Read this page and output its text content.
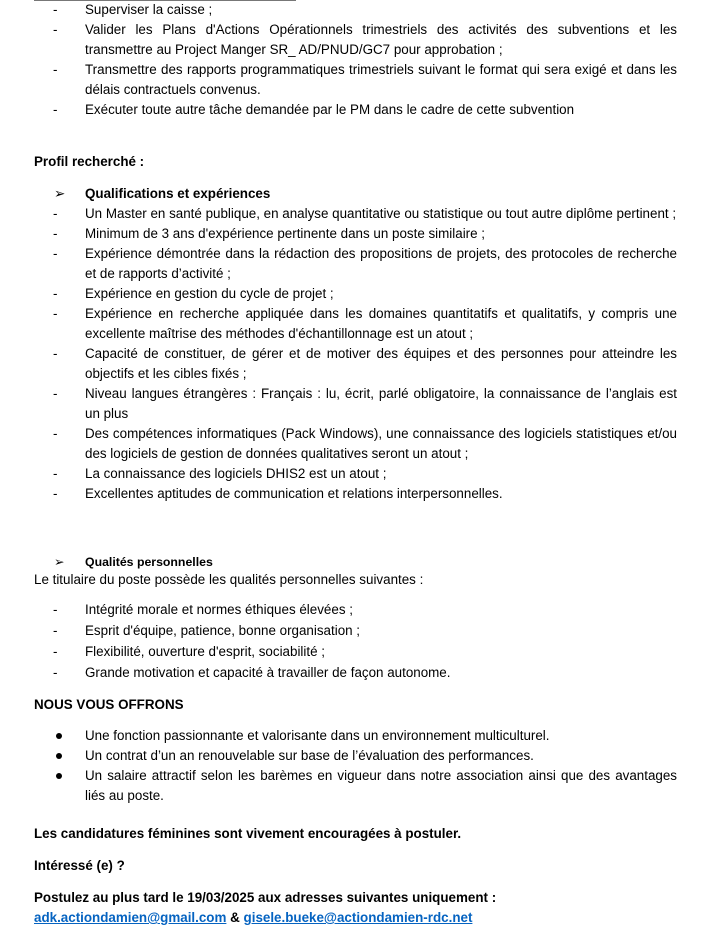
- Superviser la caisse ;
- Valider les Plans d'Actions Opérationnels trimestriels des activités des subventions et les transmettre au Project Manger SR_ AD/PNUD/GC7 pour approbation ;
- Transmettre des rapports programmatiques trimestriels suivant le format qui sera exigé et dans les délais contractuels convenus.
- Exécuter toute autre tâche demandée par le PM dans le cadre de cette subvention
Profil recherché :
➢ Qualifications et expériences
- Un Master en santé publique, en analyse quantitative ou statistique ou tout autre diplôme pertinent ;
- Minimum de 3 ans d'expérience pertinente dans un poste similaire ;
- Expérience démontrée dans la rédaction des propositions de projets, des protocoles de recherche et de rapports d’activité ;
- Expérience en gestion du cycle de projet ;
- Expérience en recherche appliquée dans les domaines quantitatifs et qualitatifs, y compris une excellente maîtrise des méthodes d'échantillonnage est un atout ;
- Capacité de constituer, de gérer et de motiver des équipes et des personnes pour atteindre les objectifs et les cibles fixés ;
- Niveau langues étrangères : Français : lu, écrit, parlé obligatoire, la connaissance de l’anglais est un plus
- Des compétences informatiques (Pack Windows), une connaissance des logiciels statistiques et/ou des logiciels de gestion de données qualitatives seront un atout ;
- La connaissance des logiciels DHIS2 est un atout ;
- Excellentes aptitudes de communication et relations interpersonnelles.
➢ Qualités personnelles
Le titulaire du poste possède les qualités personnelles suivantes :
- Intégrité morale et normes éthiques élevées ;
- Esprit d'équipe, patience, bonne organisation ;
- Flexibilité, ouverture d'esprit, sociabilité ;
- Grande motivation et capacité à travailler de façon autonome.
NOUS VOUS OFFRONS
Une fonction passionnante et valorisante dans un environnement multiculturel.
Un contrat d’un an renouvelable sur base de l’évaluation des performances.
Un salaire attractif selon les barèmes en vigueur dans notre association ainsi que des avantages liés au poste.
Les candidatures féminines sont vivement encouragées à postuler.
Intéressé (e) ?
Postulez au plus tard le 19/03/2025 aux adresses suivantes uniquement :
adk.actiondamien@gmail.com & gisele.bueke@actiondamien-rdc.net
